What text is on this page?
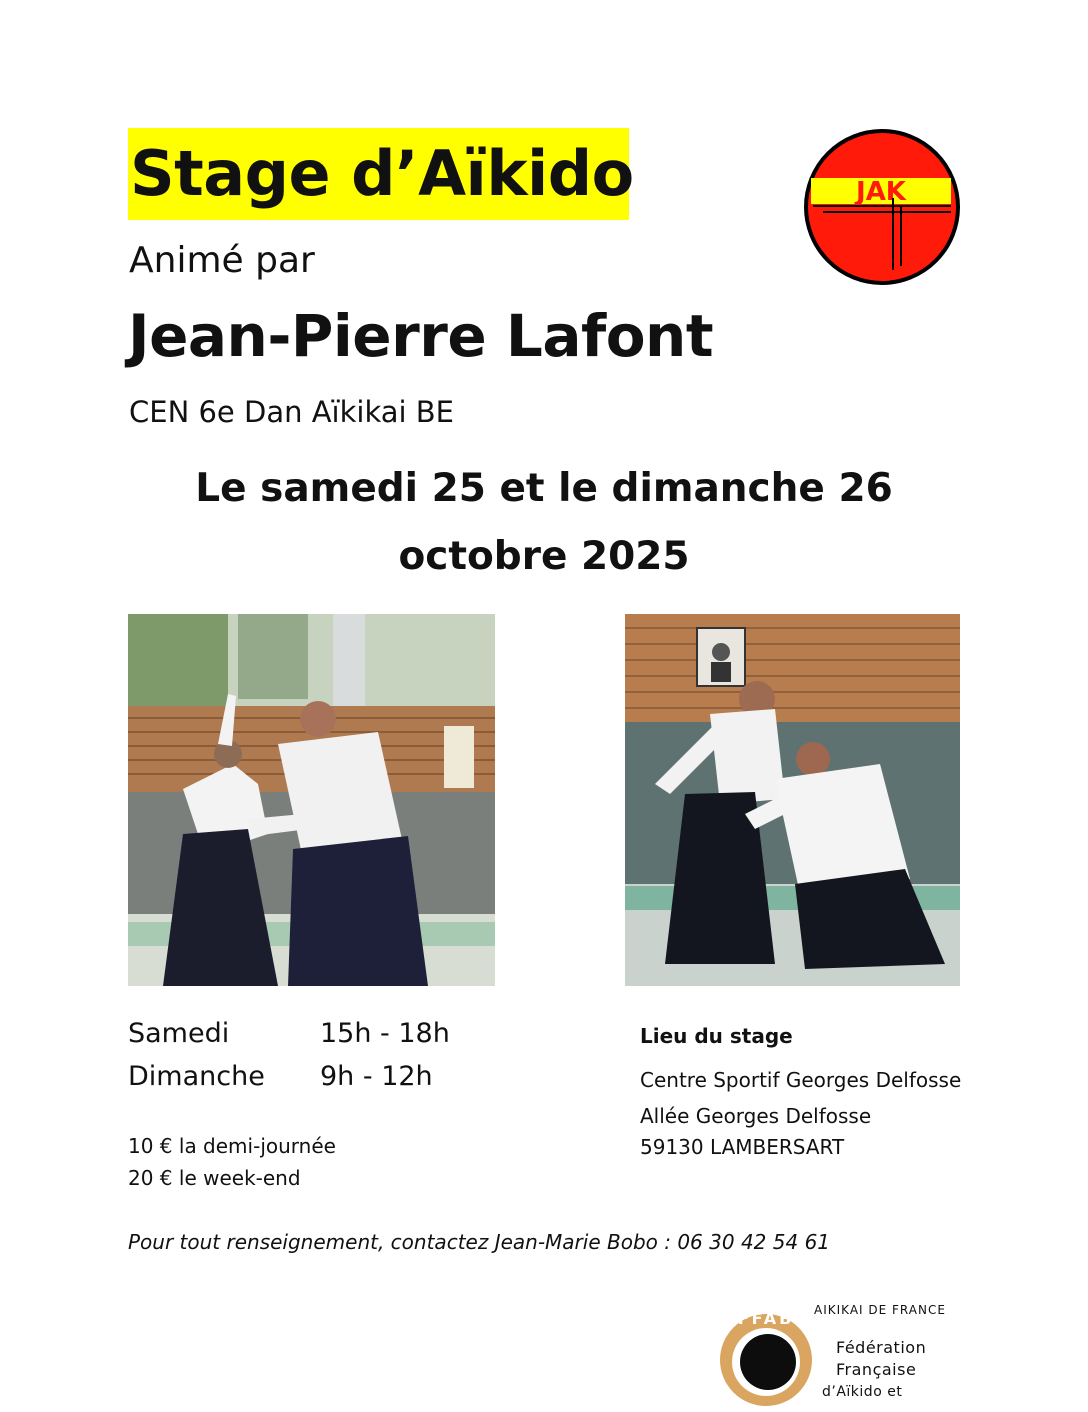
Stage d’Aïkido
Animé par
Jean-Pierre Lafont
CEN 6e Dan Aïkikai BE
Le samedi 25 et le dimanche 26
octobre 2025
JAK
Samedi	15h - 18h
Dimanche 9h - 12h
10 € la demi-journée
20 € le week-end
Lieu du stage
Centre Sportif Georges Delfosse
Allée Georges Delfosse
59130 LAMBERSART
Pour tout renseignement, contactez Jean-Marie Bobo : 06 30 42 54 61
FFAB AIKIKAI DE FRANCE
Fédération
Française
d’Aïkido et
